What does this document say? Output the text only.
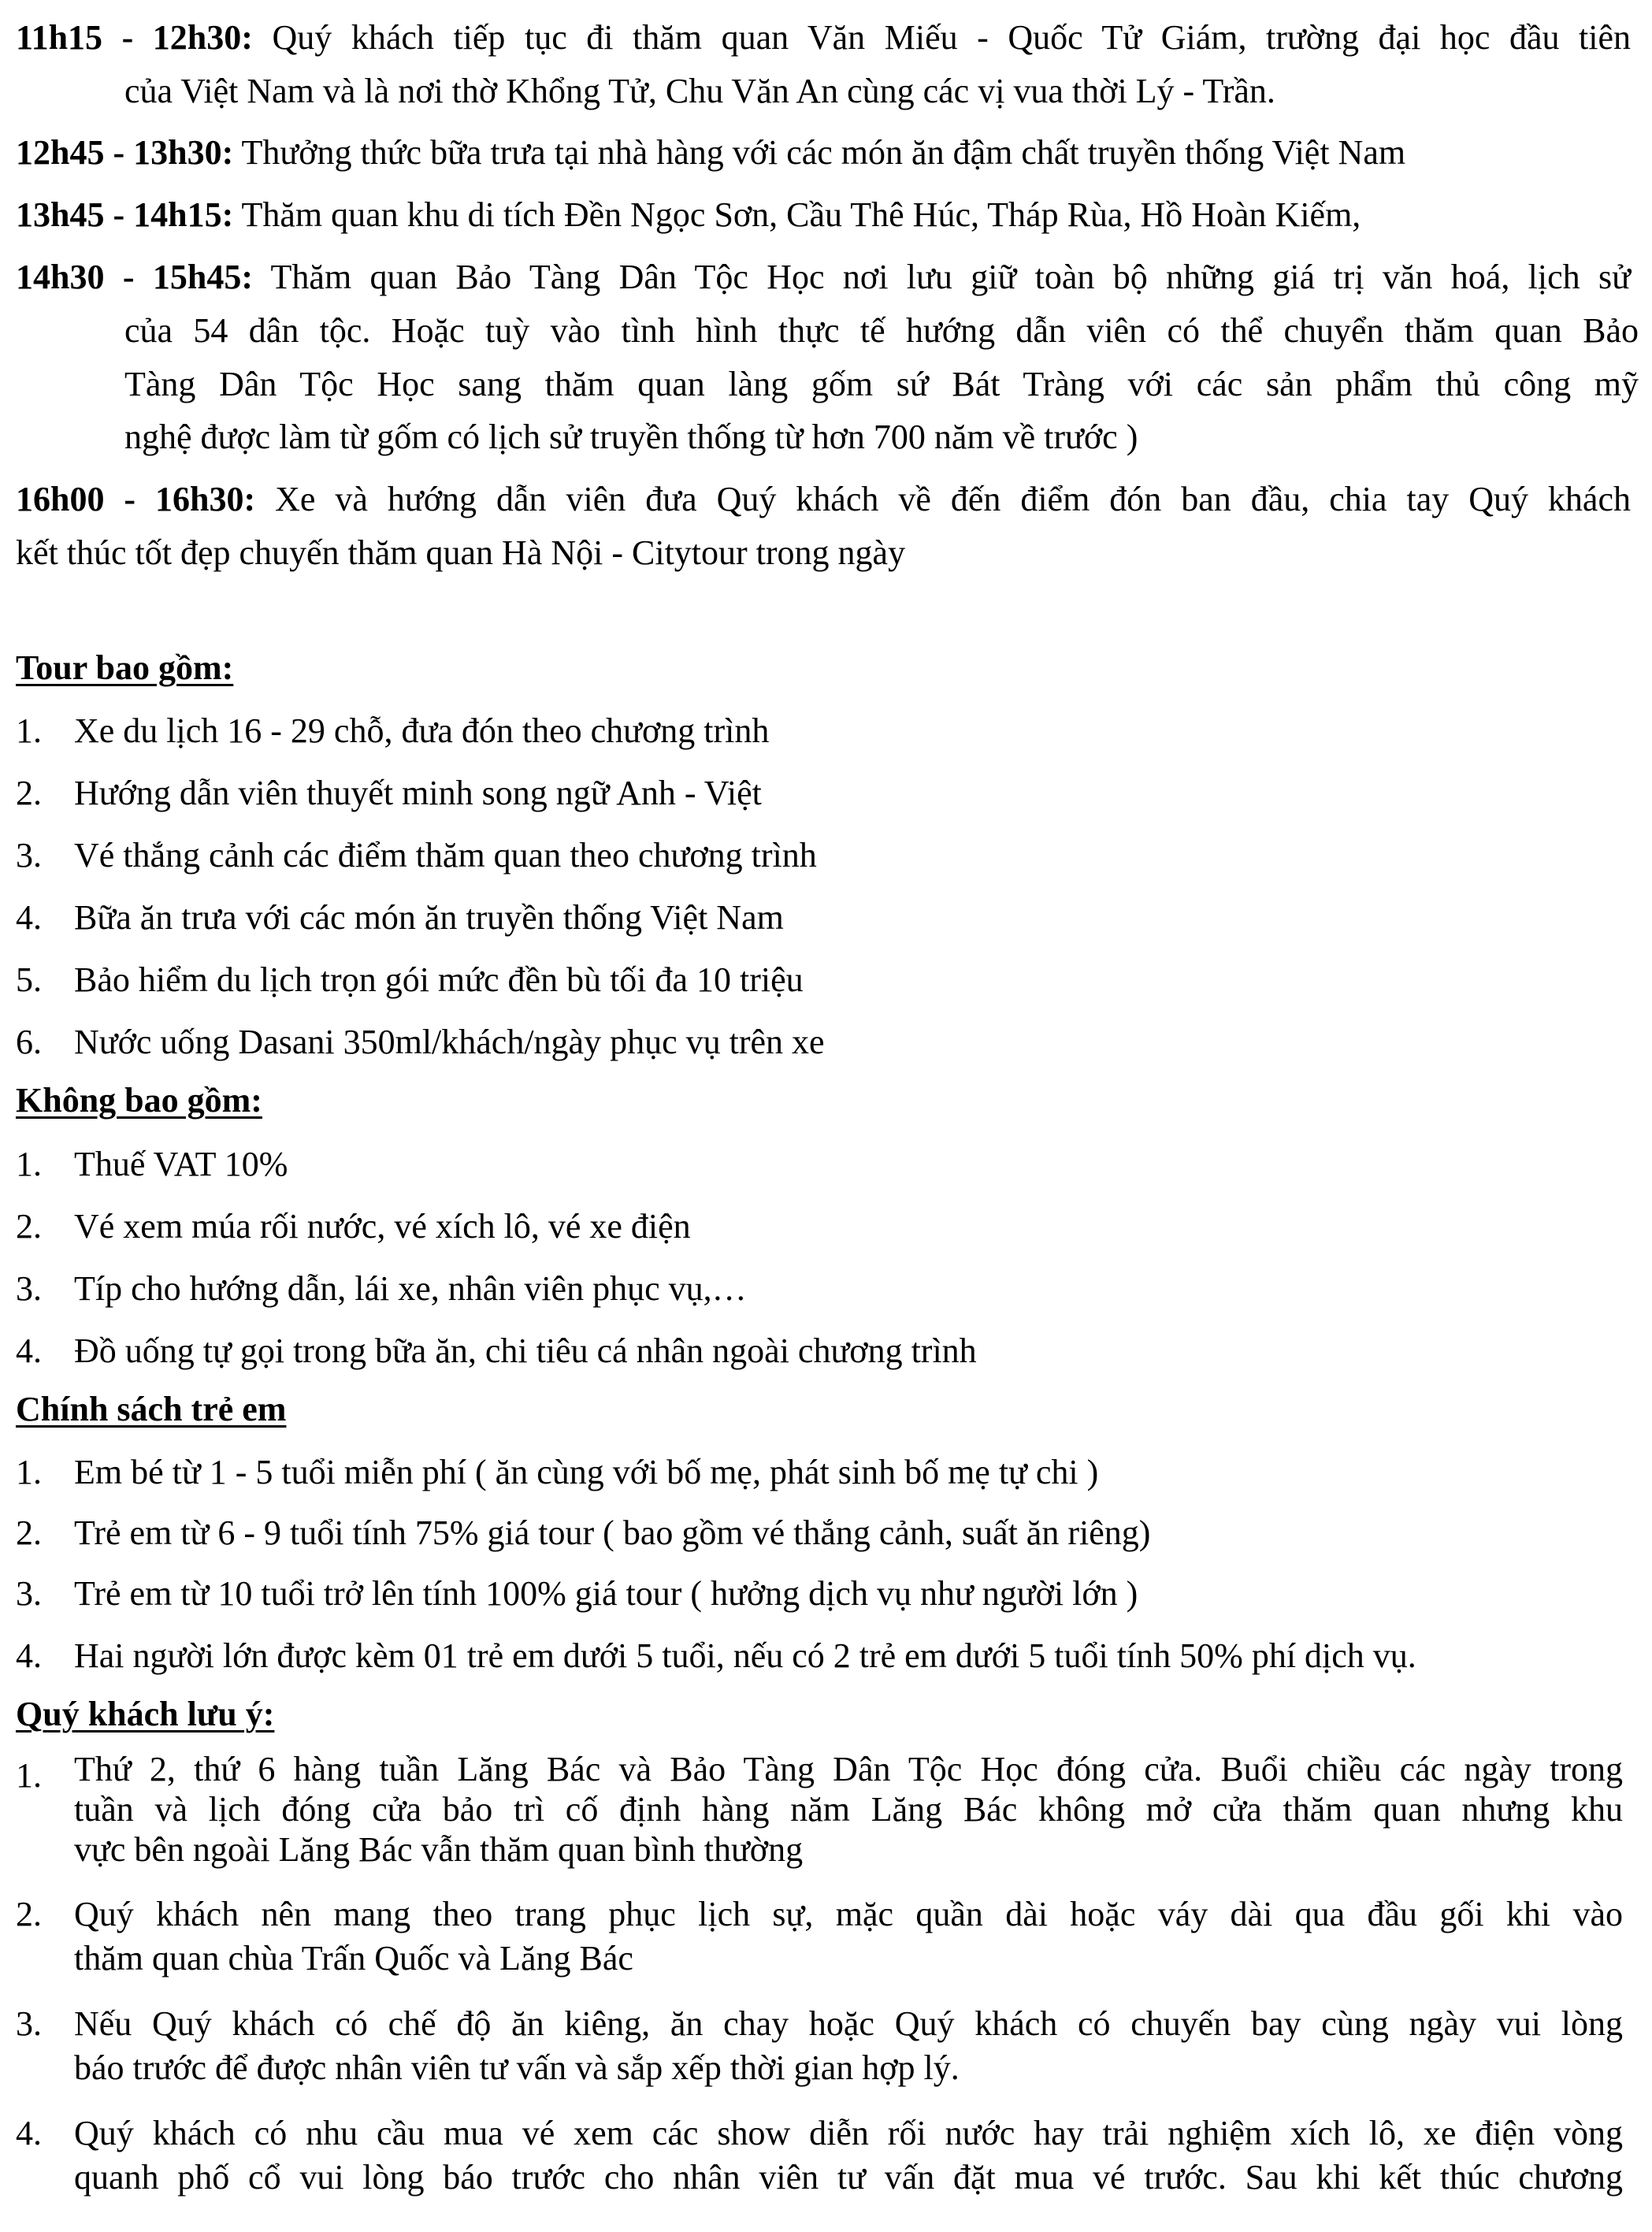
11h15 - 12h30: Quý khách tiếp tục đi thăm quan Văn Miếu - Quốc Tử Giám, trường đại học đầu tiên
của Việt Nam và là nơi thờ Khổng Tử, Chu Văn An cùng các vị vua thời Lý - Trần.
12h45 - 13h30: Thưởng thức bữa trưa tại nhà hàng với các món ăn đậm chất truyền thống Việt Nam
13h45 - 14h15: Thăm quan khu di tích Đền Ngọc Sơn, Cầu Thê Húc, Tháp Rùa, Hồ Hoàn Kiếm,
14h30 - 15h45: Thăm quan Bảo Tàng Dân Tộc Học nơi lưu giữ toàn bộ những giá trị văn hoá, lịch sử
của 54 dân tộc. Hoặc tuỳ vào tình hình thực tế hướng dẫn viên có thể chuyển thăm quan Bảo
Tàng Dân Tộc Học sang thăm quan làng gốm sứ Bát Tràng với các sản phẩm thủ công mỹ
nghệ được làm từ gốm có lịch sử truyền thống từ hơn 700 năm về trước )
16h00 - 16h30: Xe và hướng dẫn viên đưa Quý khách về đến điểm đón ban đầu, chia tay Quý khách
kết thúc tốt đẹp chuyến thăm quan Hà Nội - Citytour trong ngày
Tour bao gồm:
1. Xe du lịch 16 - 29 chỗ, đưa đón theo chương trình
2. Hướng dẫn viên thuyết minh song ngữ Anh - Việt
3. Vé thắng cảnh các điểm thăm quan theo chương trình
4. Bữa ăn trưa với các món ăn truyền thống Việt Nam
5. Bảo hiểm du lịch trọn gói mức đền bù tối đa 10 triệu
6. Nước uống Dasani 350ml/khách/ngày phục vụ trên xe
Không bao gồm:
1. Thuế VAT 10%
2. Vé xem múa rối nước, vé xích lô, vé xe điện
3. Típ cho hướng dẫn, lái xe, nhân viên phục vụ,…
4. Đồ uống tự gọi trong bữa ăn, chi tiêu cá nhân ngoài chương trình
Chính sách trẻ em
1. Em bé từ 1 - 5 tuổi miễn phí ( ăn cùng với bố mẹ, phát sinh bố mẹ tự chi )
2. Trẻ em từ 6 - 9 tuổi tính 75% giá tour ( bao gồm vé thắng cảnh, suất ăn riêng)
3. Trẻ em từ 10 tuổi trở lên tính 100% giá tour ( hưởng dịch vụ như người lớn )
4. Hai người lớn được kèm 01 trẻ em dưới 5 tuổi, nếu có 2 trẻ em dưới 5 tuổi tính 50% phí dịch vụ.
Quý khách lưu ý:
1. Thứ 2, thứ 6 hàng tuần Lăng Bác và Bảo Tàng Dân Tộc Học đóng cửa. Buổi chiều các ngày trong
tuần và lịch đóng cửa bảo trì cố định hàng năm Lăng Bác không mở cửa thăm quan nhưng khu
vực bên ngoài Lăng Bác vẫn thăm quan bình thường
2. Quý khách nên mang theo trang phục lịch sự, mặc quần dài hoặc váy dài qua đầu gối khi vào
thăm quan chùa Trấn Quốc và Lăng Bác
3. Nếu Quý khách có chế độ ăn kiêng, ăn chay hoặc Quý khách có chuyến bay cùng ngày vui lòng
báo trước để được nhân viên tư vấn và sắp xếp thời gian hợp lý.
4. Quý khách có nhu cầu mua vé xem các show diễn rối nước hay trải nghiệm xích lô, xe điện vòng
quanh phố cổ vui lòng báo trước cho nhân viên tư vấn đặt mua vé trước. Sau khi kết thúc chương
